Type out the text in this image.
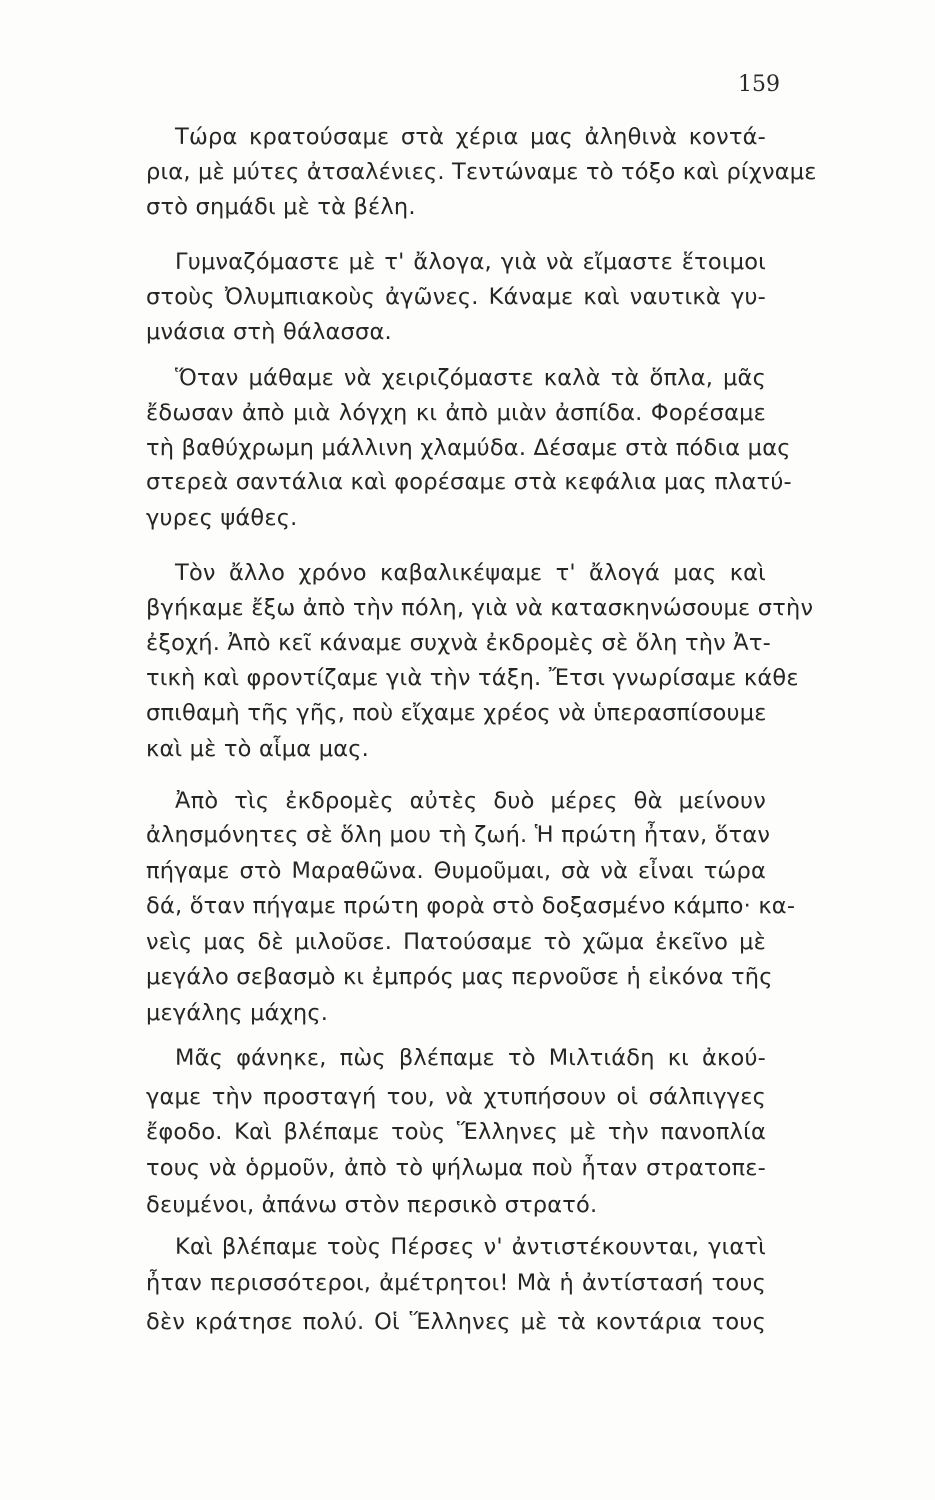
159
Τώρα κρατούσαμε στὰ χέρια μας ἀληθινὰ κοντά-
ρια, μὲ μύτες ἀτσαλένιες. Τεντώναμε τὸ τόξο καὶ ρίχναμε
στὸ σημάδι μὲ τὰ βέλη.
Γυμναζόμαστε μὲ τ' ἄλογα, γιὰ νὰ εἴμαστε ἕτοιμοι
στοὺς Ὀλυμπιακοὺς ἀγῶνες. Κάναμε καὶ ναυτικὰ γυ-
μνάσια στὴ θάλασσα.
Ὅταν μάθαμε νὰ χειριζόμαστε καλὰ τὰ ὅπλα, μᾶς
ἔδωσαν ἀπὸ μιὰ λόγχη κι ἀπὸ μιὰν ἀσπίδα. Φορέσαμε
τὴ βαθύχρωμη μάλλινη χλαμύδα. Δέσαμε στὰ πόδια μας
στερεὰ σαντάλια καὶ φορέσαμε στὰ κεφάλια μας πλατύ-
γυρες ψάθες.
Τὸν ἄλλο χρόνο καβαλικέψαμε τ' ἄλογά μας καὶ
βγήκαμε ἔξω ἀπὸ τὴν πόλη, γιὰ νὰ κατασκηνώσουμε στὴν
ἐξοχή. Ἀπὸ κεῖ κάναμε συχνὰ ἐκδρομὲς σὲ ὅλη τὴν Ἀτ-
τικὴ καὶ φροντίζαμε γιὰ τὴν τάξη. Ἔτσι γνωρίσαμε κάθε
σπιθαμὴ τῆς γῆς, ποὺ εἴχαμε χρέος νὰ ὑπερασπίσουμε
καὶ μὲ τὸ αἷμα μας.
Ἀπὸ τὶς ἐκδρομὲς αὐτὲς δυὸ μέρες θὰ μείνουν
ἀλησμόνητες σὲ ὅλη μου τὴ ζωή. Ἡ πρώτη ἦταν, ὅταν
πήγαμε στὸ Μαραθῶνα. Θυμοῦμαι, σὰ νὰ εἶναι τώρα
δά, ὅταν πήγαμε πρώτη φορὰ στὸ δοξασμένο κάμπο· κα-
νεὶς μας δὲ μιλοῦσε. Πατούσαμε τὸ χῶμα ἐκεῖνο μὲ
μεγάλο σεβασμὸ κι ἐμπρός μας περνοῦσε ἡ εἰκόνα τῆς
μεγάλης μάχης.
Μᾶς φάνηκε, πὼς βλέπαμε τὸ Μιλτιάδη κι ἀκού-
γαμε τὴν προσταγή του, νὰ χτυπήσουν οἱ σάλπιγγες
ἔφοδο. Καὶ βλέπαμε τοὺς Ἕλληνες μὲ τὴν πανοπλία
τους νὰ ὁρμοῦν, ἀπὸ τὸ ψήλωμα ποὺ ἦταν στρατοπε-
δευμένοι, ἀπάνω στὸν περσικὸ στρατό.
Καὶ βλέπαμε τοὺς Πέρσες ν' ἀντιστέκουνται, γιατὶ
ἦταν περισσότεροι, ἀμέτρητοι! Μὰ ἡ ἀντίστασή τους
δὲν κράτησε πολύ. Οἱ Ἕλληνες μὲ τὰ κοντάρια τους
